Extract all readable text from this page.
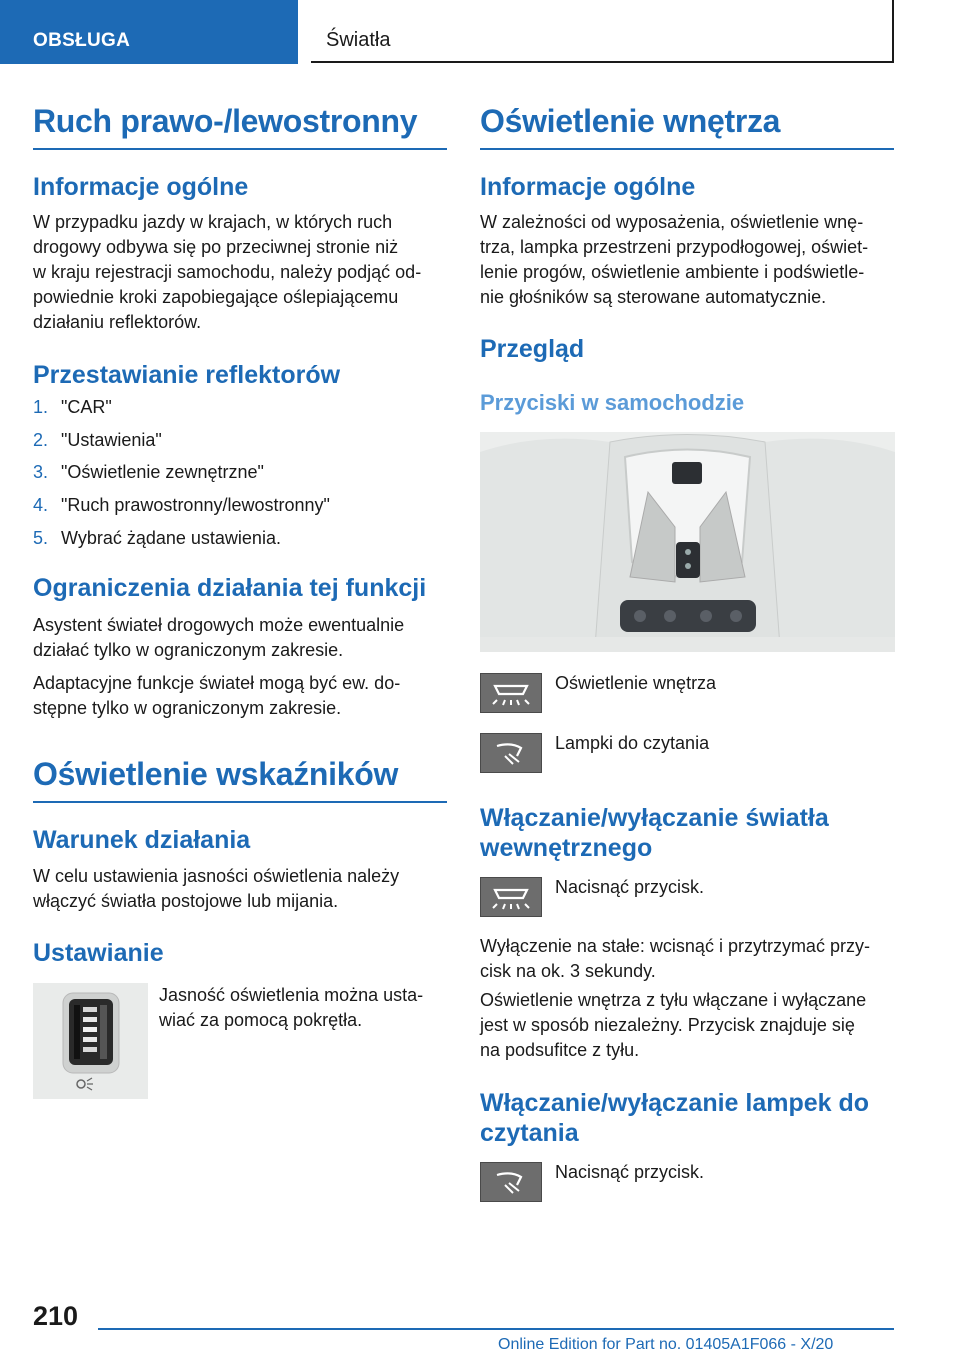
OBSŁUGA	Światła
Ruch prawo-/lewostronny
Informacje ogólne

W przypadku jazdy w krajach, w których ruch

drogowy odbywa się po przeciwnej stronie niż

w kraju rejestracji samochodu, należy podjąć od-

powiednie kroki zapobiegające oślepiającemu

działaniu reflektorów.

Przestawianie reflektorów
1. "CAR"
2. "Ustawienia"
3. "Oświetlenie zewnętrzne"
4. "Ruch prawostronny/lewostronny"
5. Wybrać żądane ustawienia.
Ograniczenia działania tej funkcji

Asystent świateł drogowych może ewentualnie

działać tylko w ograniczonym zakresie.

Adaptacyjne funkcje świateł mogą być ew. do-

stępne tylko w ograniczonym zakresie.

Oświetlenie wskaźników
Warunek działania

W celu ustawienia jasności oświetlenia należy

włączyć światła postojowe lub mijania.

Ustawianie

Jasność oświetlenia można usta-

wiać za pomocą pokrętła.

Oświetlenie wnętrza
Informacje ogólne

W zależności od wyposażenia, oświetlenie wnę-

trza, lampka przestrzeni przypodłogowej, oświet-

lenie progów, oświetlenie ambiente i podświetle-

nie głośników są sterowane automatycznie.

Przegląd
Przyciski w samochodzie

Oświetlenie wnętrza

Lampki do czytania

Włączanie/wyłączanie światła
wewnętrznego

Nacisnąć przycisk.

Wyłączenie na stałe: wcisnąć i przytrzymać przy-

cisk na ok. 3 sekundy.

Oświetlenie wnętrza z tyłu włączane i wyłączane

jest w sposób niezależny. Przycisk znajduje się

na podsufitce z tyłu.

Włączanie/wyłączanie lampek do
czytania

Nacisnąć przycisk.

210
Online Edition for Part no. 01405A1F066 - X/20
